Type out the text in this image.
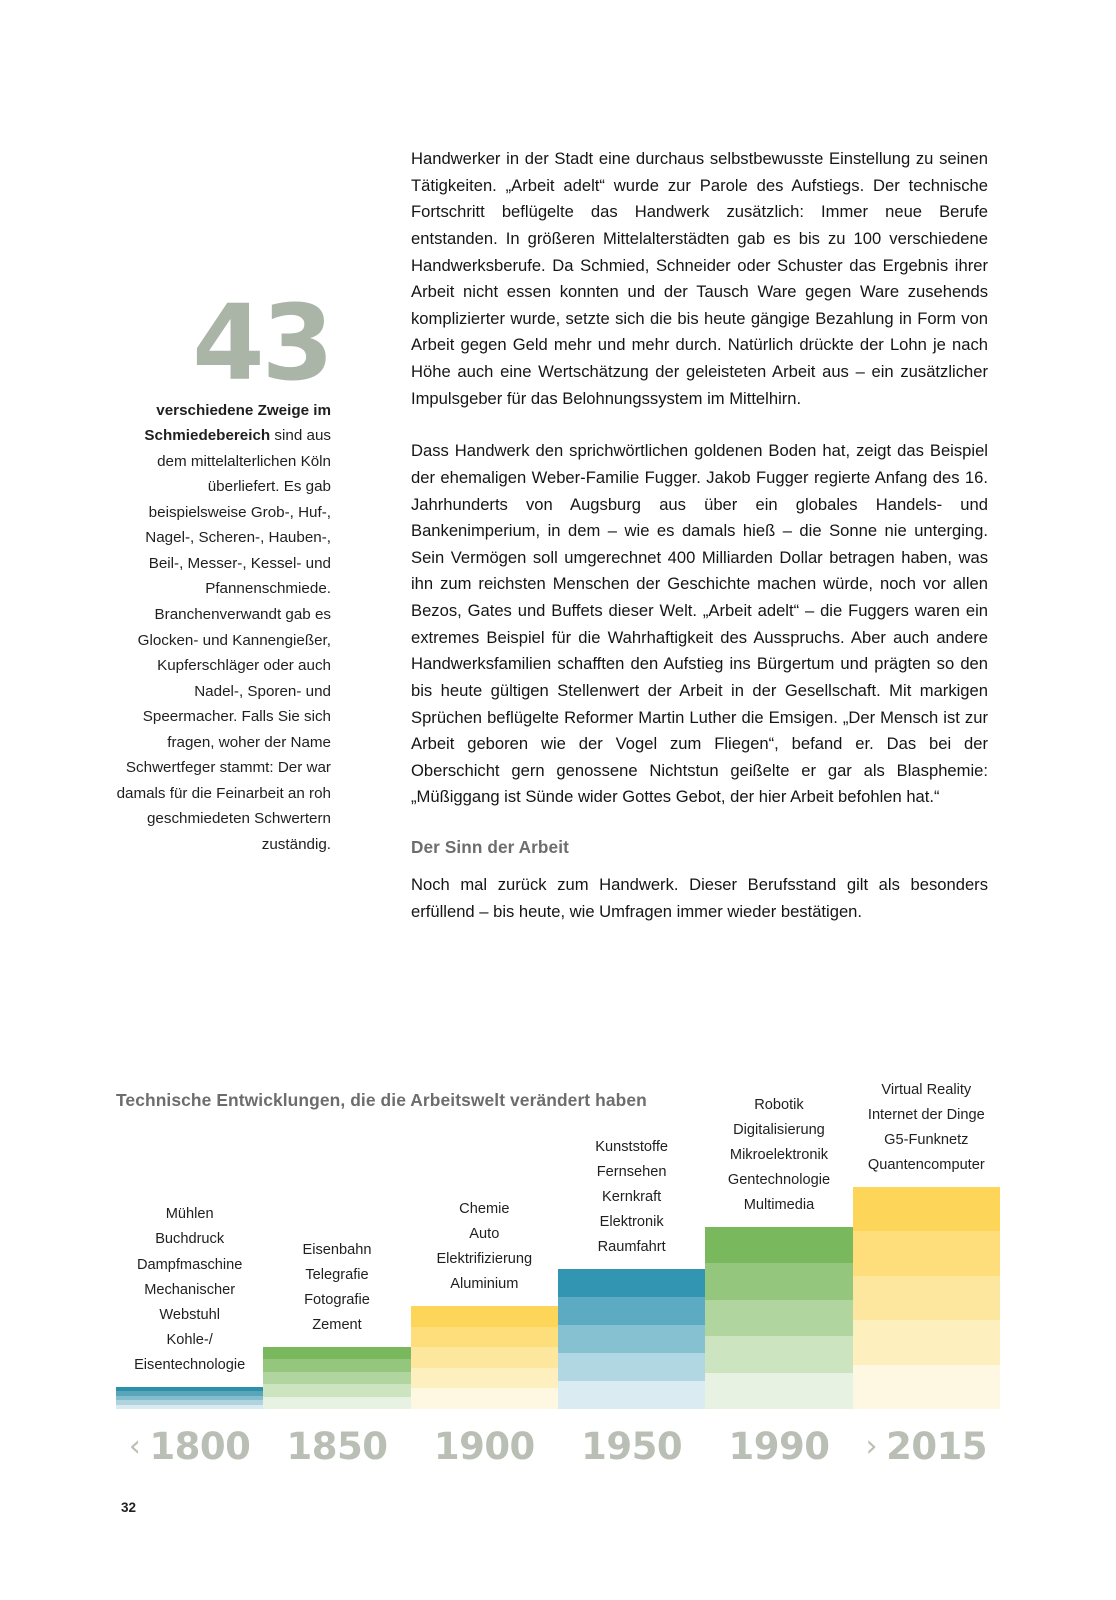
43
verschiedene Zweige im Schmiedebereich sind aus dem mittelalterlichen Köln überliefert. Es gab beispielsweise Grob-, Huf-, Nagel-, Scheren-, Hauben-, Beil-, Messer-, Kessel- und Pfannenschmiede. Branchenverwandt gab es Glocken- und Kannengießer, Kupferschläger oder auch Nadel-, Sporen- und Speermacher. Falls Sie sich fragen, woher der Name Schwertfeger stammt: Der war damals für die Feinarbeit an roh geschmiedeten Schwertern zuständig.

Handwerker in der Stadt eine durchaus selbstbewusste Einstellung zu seinen Tätigkeiten. „Arbeit adelt“ wurde zur Parole des Aufstiegs. Der technische Fortschritt beflügelte das Handwerk zusätzlich: Immer neue Berufe entstanden. In größeren Mittelalterstädten gab es bis zu 100 verschiedene Handwerksberufe. Da Schmied, Schneider oder Schuster das Ergebnis ihrer Arbeit nicht essen konnten und der Tausch Ware gegen Ware zusehends komplizierter wurde, setzte sich die bis heute gängige Bezahlung in Form von Arbeit gegen Geld mehr und mehr durch. Natürlich drückte der Lohn je nach Höhe auch eine Wertschätzung der geleisteten Arbeit aus – ein zusätzlicher Impulsgeber für das Belohnungssystem im Mittelhirn.

Dass Handwerk den sprichwörtlichen goldenen Boden hat, zeigt das Beispiel der ehemaligen Weber-Familie Fugger. Jakob Fugger regierte Anfang des 16. Jahrhunderts von Augsburg aus über ein globales Handels- und Bankenimperium, in dem – wie es damals hieß – die Sonne nie unterging. Sein Vermögen soll umgerechnet 400 Milliarden Dollar betragen haben, was ihn zum reichsten Menschen der Geschichte machen würde, noch vor allen Bezos, Gates und Buffets dieser Welt. „Arbeit adelt“ – die Fuggers waren ein extremes Beispiel für die Wahrhaftigkeit des Ausspruchs. Aber auch andere Handwerksfamilien schafften den Aufstieg ins Bürgertum und prägten so den bis heute gültigen Stellenwert der Arbeit in der Gesellschaft. Mit markigen Sprüchen beflügelte Reformer Martin Luther die Emsigen. „Der Mensch ist zur Arbeit geboren wie der Vogel zum Fliegen“, befand er. Das bei der Oberschicht gern genossene Nichtstun geißelte er gar als Blasphemie: „Müßiggang ist Sünde wider Gottes Gebot, der hier Arbeit befohlen hat.“

Der Sinn der Arbeit

Noch mal zurück zum Handwerk. Dieser Berufsstand gilt als besonders erfüllend – bis heute, wie Umfragen immer wieder bestätigen.

Technische Entwicklungen, die die Arbeitswelt verändert haben
Mühlen
Buchdruck
Dampfmaschine
Mechanischer Webstuhl
Kohle-/ Eisentechnologie
Eisenbahn
Telegrafie
Fotografie
Zement
Chemie
Auto
Elektrifizierung
Aluminium
Kunststoffe
Fernsehen
Kernkraft
Elektronik
Raumfahrt
Robotik
Digitalisierung
Mikroelektronik
Gentechnologie
Multimedia
Virtual Reality
Internet der Dinge
G5-Funknetz
Quantencomputer
‹ 1800 1850	1900	1950	1990	› 2015
32
